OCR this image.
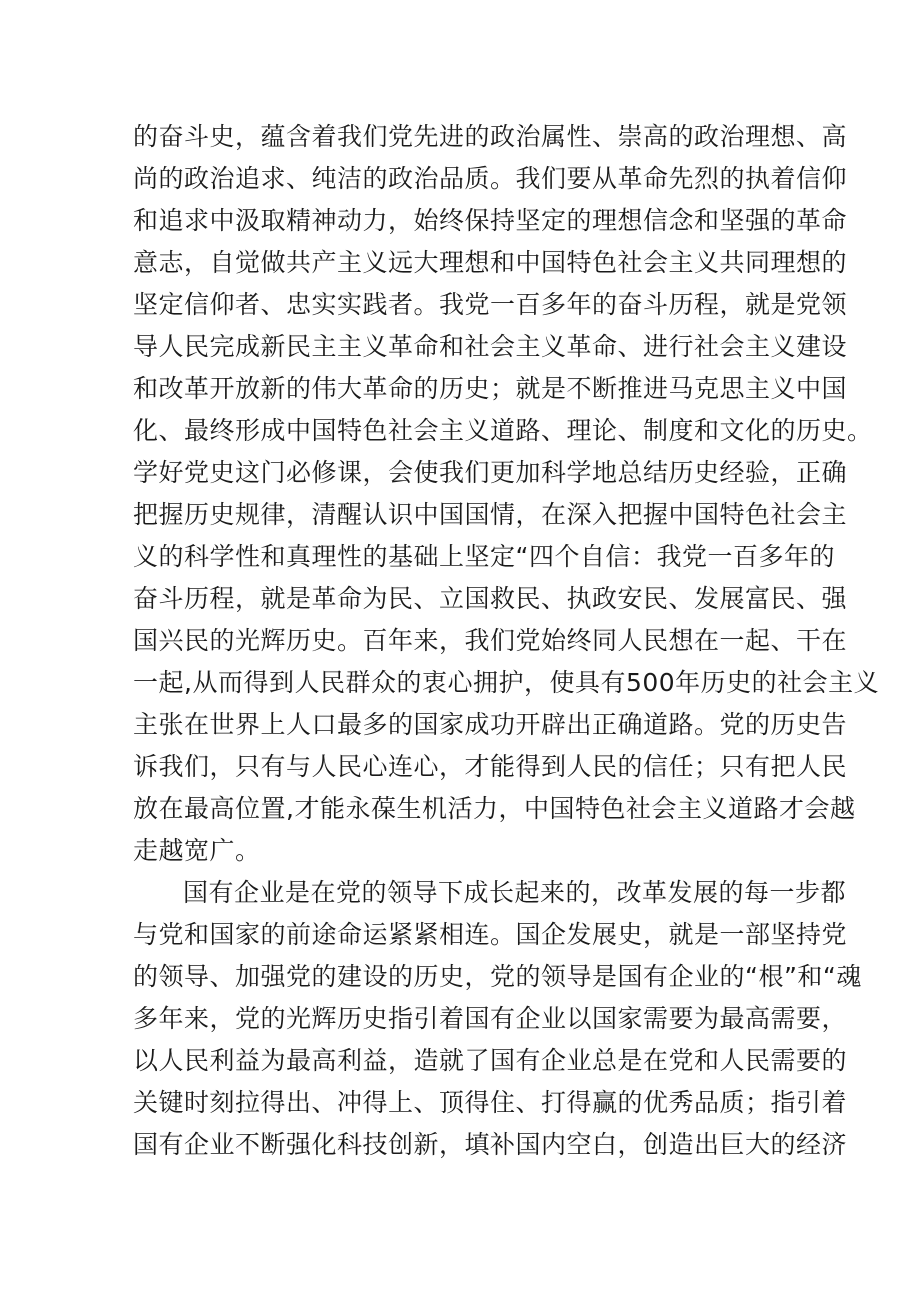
的奋斗史，蕴含着我们党先进的政治属性、崇高的政治理想、高
尚的政治追求、纯洁的政治品质。我们要从革命先烈的执着信仰
和追求中汲取精神动力，始终保持坚定的理想信念和坚强的革命
意志，自觉做共产主义远大理想和中国特色社会主义共同理想的
坚定信仰者、忠实实践者。我党一百多年的奋斗历程，就是党领
导人民完成新民主主义革命和社会主义革命、进行社会主义建设
和改革开放新的伟大革命的历史；就是不断推进马克思主义中国
化、最终形成中国特色社会主义道路、理论、制度和文化的历史。
学好党史这门必修课，会使我们更加科学地总结历史经验，正确
把握历史规律，清醒认识中国国情，在深入把握中国特色社会主
义的科学性和真理性的基础上坚定“四个自信：我党一百多年的
奋斗历程，就是革命为民、立国救民、执政安民、发展富民、强
国兴民的光辉历史。百年来，我们党始终同人民想在一起、干在
一起,从而得到人民群众的衷心拥护，使具有500年历史的社会主义
主张在世界上人口最多的国家成功开辟出正确道路。党的历史告
诉我们，只有与人民心连心，才能得到人民的信任；只有把人民
放在最高位置,才能永葆生机活力，中国特色社会主义道路才会越
走越宽广。
国有企业是在党的领导下成长起来的，改革发展的每一步都
与党和国家的前途命运紧紧相连。国企发展史，就是一部坚持党
的领导、加强党的建设的历史，党的领导是国有企业的“根”和“魂
多年来，党的光辉历史指引着国有企业以国家需要为最高需要，
以人民利益为最高利益，造就了国有企业总是在党和人民需要的
关键时刻拉得出、冲得上、顶得住、打得赢的优秀品质；指引着
国有企业不断强化科技创新，填补国内空白，创造出巨大的经济
